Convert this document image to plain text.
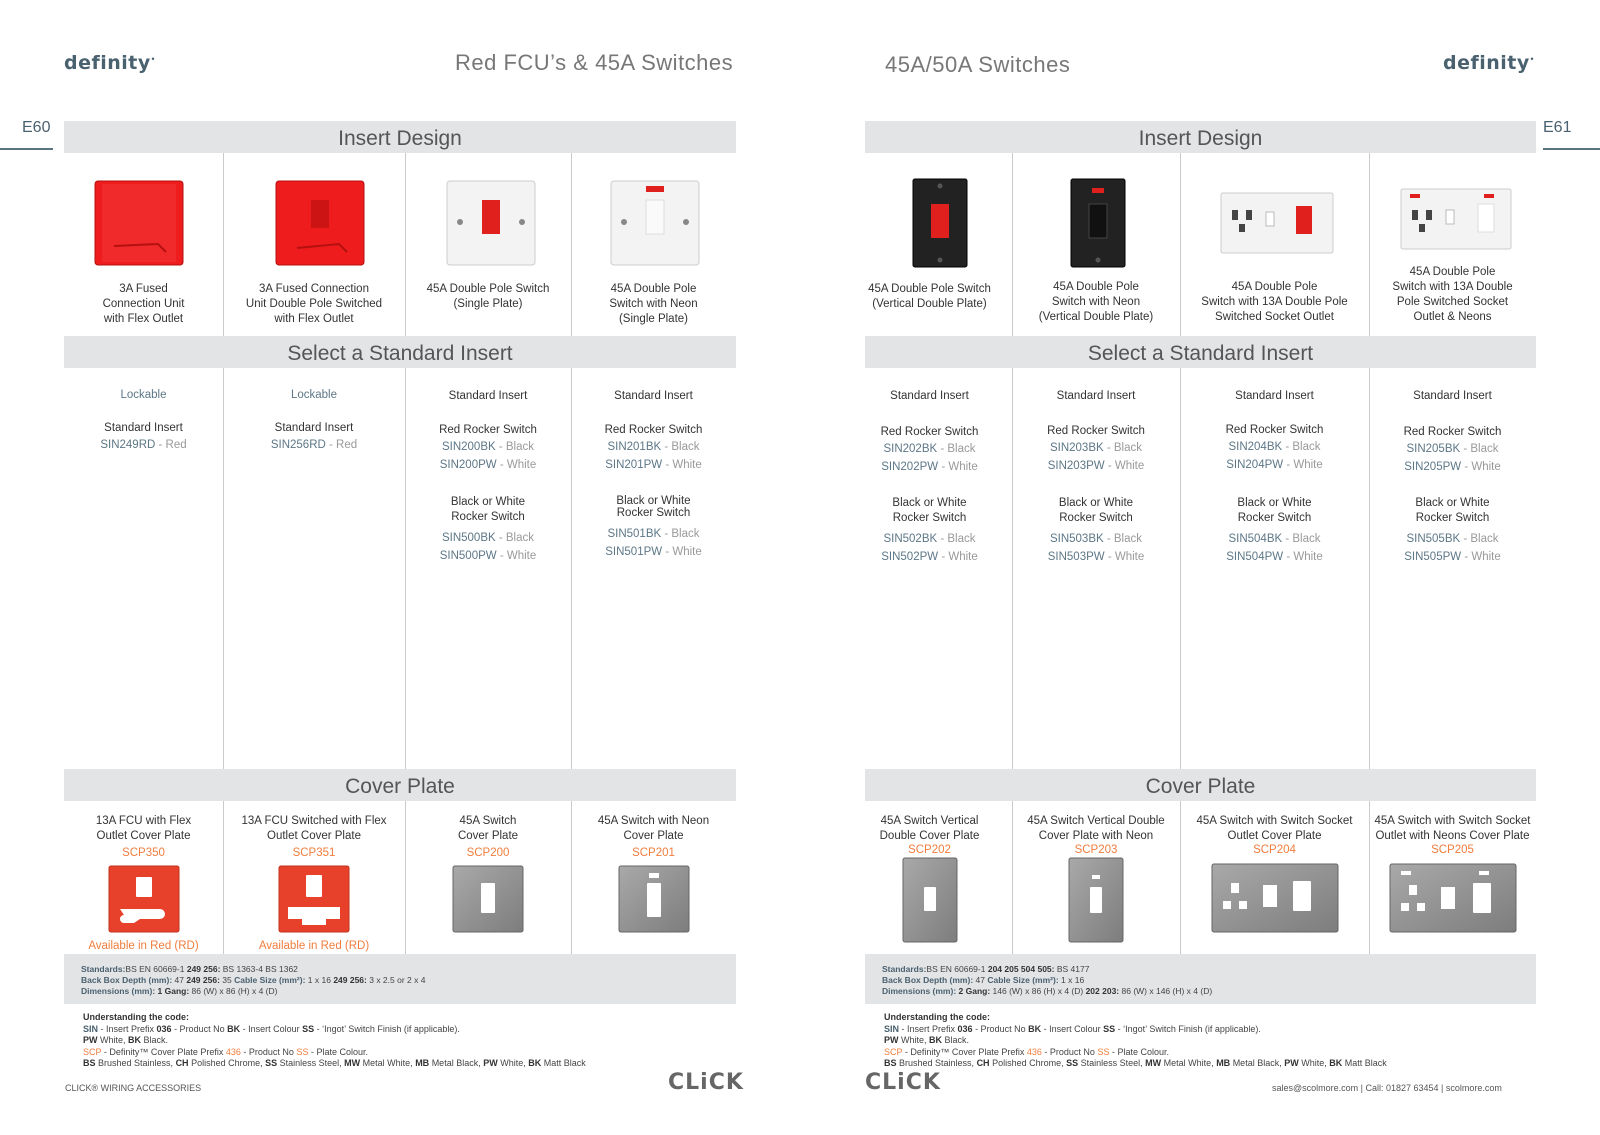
definity•	Red FCU’s & 45A Switches
E60	Insert Design
Select a Standard Insert
Cover Plate
3A Fused
Connection Unit
with Flex Outlet
3A Fused Connection
Unit Double Pole Switched
with Flex Outlet
45A Double Pole Switch
(Single Plate)
45A Double Pole
Switch with Neon
(Single Plate)
Lockable
Standard Insert
SIN249RD - Red
Lockable
Standard Insert
SIN256RD - Red
Standard Insert
Red Rocker Switch
SIN200BK - Black
SIN200PW - White
Black or White
Rocker Switch
SIN500BK - Black
SIN500PW - White
Standard Insert
Red Rocker Switch
SIN201BK - Black
SIN201PW - White
Black or White
Rocker Switch
SIN501BK - Black
SIN501PW - White
13A FCU with Flex
Outlet Cover Plate
SCP350
Available in Red (RD)
13A FCU Switched with Flex
Outlet Cover Plate
SCP351
Available in Red (RD)
45A Switch
Cover Plate
SCP200
45A Switch with Neon
Cover Plate
SCP201
Standards:BS EN 60669-1 249 256: BS 1363-4 BS 1362
Back Box Depth (mm): 47 249 256: 35 Cable Size (mm²): 1 x 16 249 256: 3 x 2.5 or 2 x 4
Dimensions (mm): 1 Gang: 86 (W) x 86 (H) x 4 (D)
Understanding the code:
SIN - Insert Prefix 036 - Product No BK - Insert Colour SS - ‘Ingot’ Switch Finish (if applicable).
PW White, BK Black.
SCP - Definity™ Cover Plate Prefix 436 - Product No SS - Plate Colour.
BS Brushed Stainless, CH Polished Chrome, SS Stainless Steel, MW Metal White, MB Metal Black, PW White, BK Matt Black
CLICK® WIRING ACCESSORIES	CLiCK
45A/50A Switches	definity•
E61
Insert Design
Select a Standard Insert
Cover Plate
45A Double Pole Switch
(Vertical Double Plate)
45A Double Pole
Switch with Neon
(Vertical Double Plate)
45A Double Pole
Switch with 13A Double Pole
Switched Socket Outlet
45A Double Pole
Switch with 13A Double
Pole Switched Socket
Outlet & Neons
Standard Insert
Red Rocker Switch
SIN202BK - Black
SIN202PW - White
Black or White
Rocker Switch
SIN502BK - Black
SIN502PW - White
Standard Insert
Red Rocker Switch
SIN203BK - Black
SIN203PW - White
Black or White
Rocker Switch
SIN503BK - Black
SIN503PW - White
Standard Insert
Red Rocker Switch
SIN204BK - Black
SIN204PW - White
Black or White
Rocker Switch
SIN504BK - Black
SIN504PW - White
Standard Insert
Red Rocker Switch
SIN205BK - Black
SIN205PW - White
Black or White
Rocker Switch
SIN505BK - Black
SIN505PW - White
45A Switch Vertical
Double Cover Plate
SCP202
45A Switch Vertical Double
Cover Plate with Neon
SCP203
45A Switch with Switch Socket
Outlet Cover Plate
SCP204
45A Switch with Switch Socket
Outlet with Neons Cover Plate
SCP205
Standards:BS EN 60669-1 204 205 504 505: BS 4177
Back Box Depth (mm): 47 Cable Size (mm²): 1 x 16
Dimensions (mm): 2 Gang: 146 (W) x 86 (H) x 4 (D) 202 203: 86 (W) x 146 (H) x 4 (D)
Understanding the code:
SIN - Insert Prefix 036 - Product No BK - Insert Colour SS - ‘Ingot’ Switch Finish (if applicable).
PW White, BK Black.
SCP - Definity™ Cover Plate Prefix 436 - Product No SS - Plate Colour.
BS Brushed Stainless, CH Polished Chrome, SS Stainless Steel, MW Metal White, MB Metal Black, PW White, BK Matt Black
CLiCK	sales@scolmore.com | Call: 01827 63454 | scolmore.com
